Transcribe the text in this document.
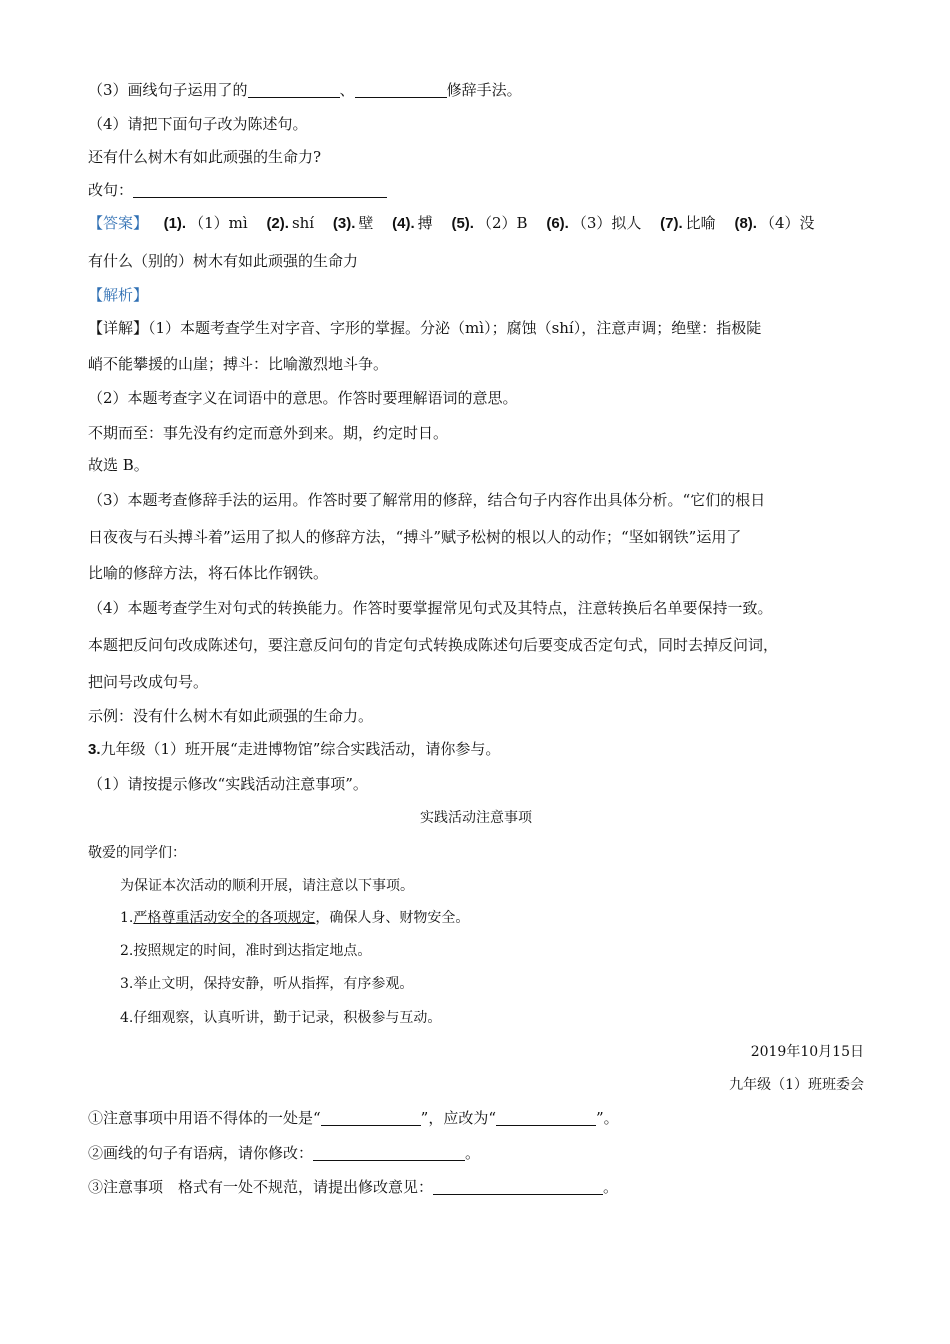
（3）画线句子运用了的	、	修辞手法。
（4）请把下面句子改为陈述句。
还有什么树木有如此顽强的生命力?
改句：
【答案】 (1). （1）mì (2). shí (3). 壁 (4). 搏 (5). （2）B (6). （3）拟人 (7). 比喻 (8). （4）没
有什么（别的）树木有如此顽强的生命力
【解析】
【详解】（1）本题考查学生对字音、字形的掌握。分泌（mì）；腐蚀（shí），注意声调；绝壁：指极陡
峭不能攀援的山崖；搏斗：比喻激烈地斗争。
（2）本题考查字义在词语中的意思。作答时要理解语词的意思。
不期而至：事先没有约定而意外到来。期，约定时日。
故选 B。
（3）本题考查修辞手法的运用。作答时要了解常用的修辞，结合句子内容作出具体分析。“它们的根日
日夜夜与石头搏斗着”运用了拟人的修辞方法，“搏斗”赋予松树的根以人的动作；“坚如钢铁”运用了
比喻的修辞方法，将石体比作钢铁。
（4）本题考查学生对句式的转换能力。作答时要掌握常见句式及其特点，注意转换后名单要保持一致。
本题把反问句改成陈述句，要注意反问句的肯定句式转换成陈述句后要变成否定句式，同时去掉反问词，
把问号改成句号。
示例：没有什么树木有如此顽强的生命力。
3.九年级（1）班开展“走进博物馆”综合实践活动，请你参与。
（1）请按提示修改“实践活动注意事项”。
实践活动注意事项
敬爱的同学们：
为保证本次活动的顺利开展，请注意以下事项。
1.严格尊重活动安全的各项规定，确保人身、财物安全。
2.按照规定的时间，准时到达指定地点。
3.举止文明，保持安静，听从指挥，有序参观。
4.仔细观察，认真听讲，勤于记录，积极参与互动。
2019年10月15日
九年级（1）班班委会
①注意事项中用语不得体的一处是“	”，应改为“	”。
②画线的句子有语病，请你修改：	。
③注意事项　格式有一处不规范，请提出修改意见：	。
